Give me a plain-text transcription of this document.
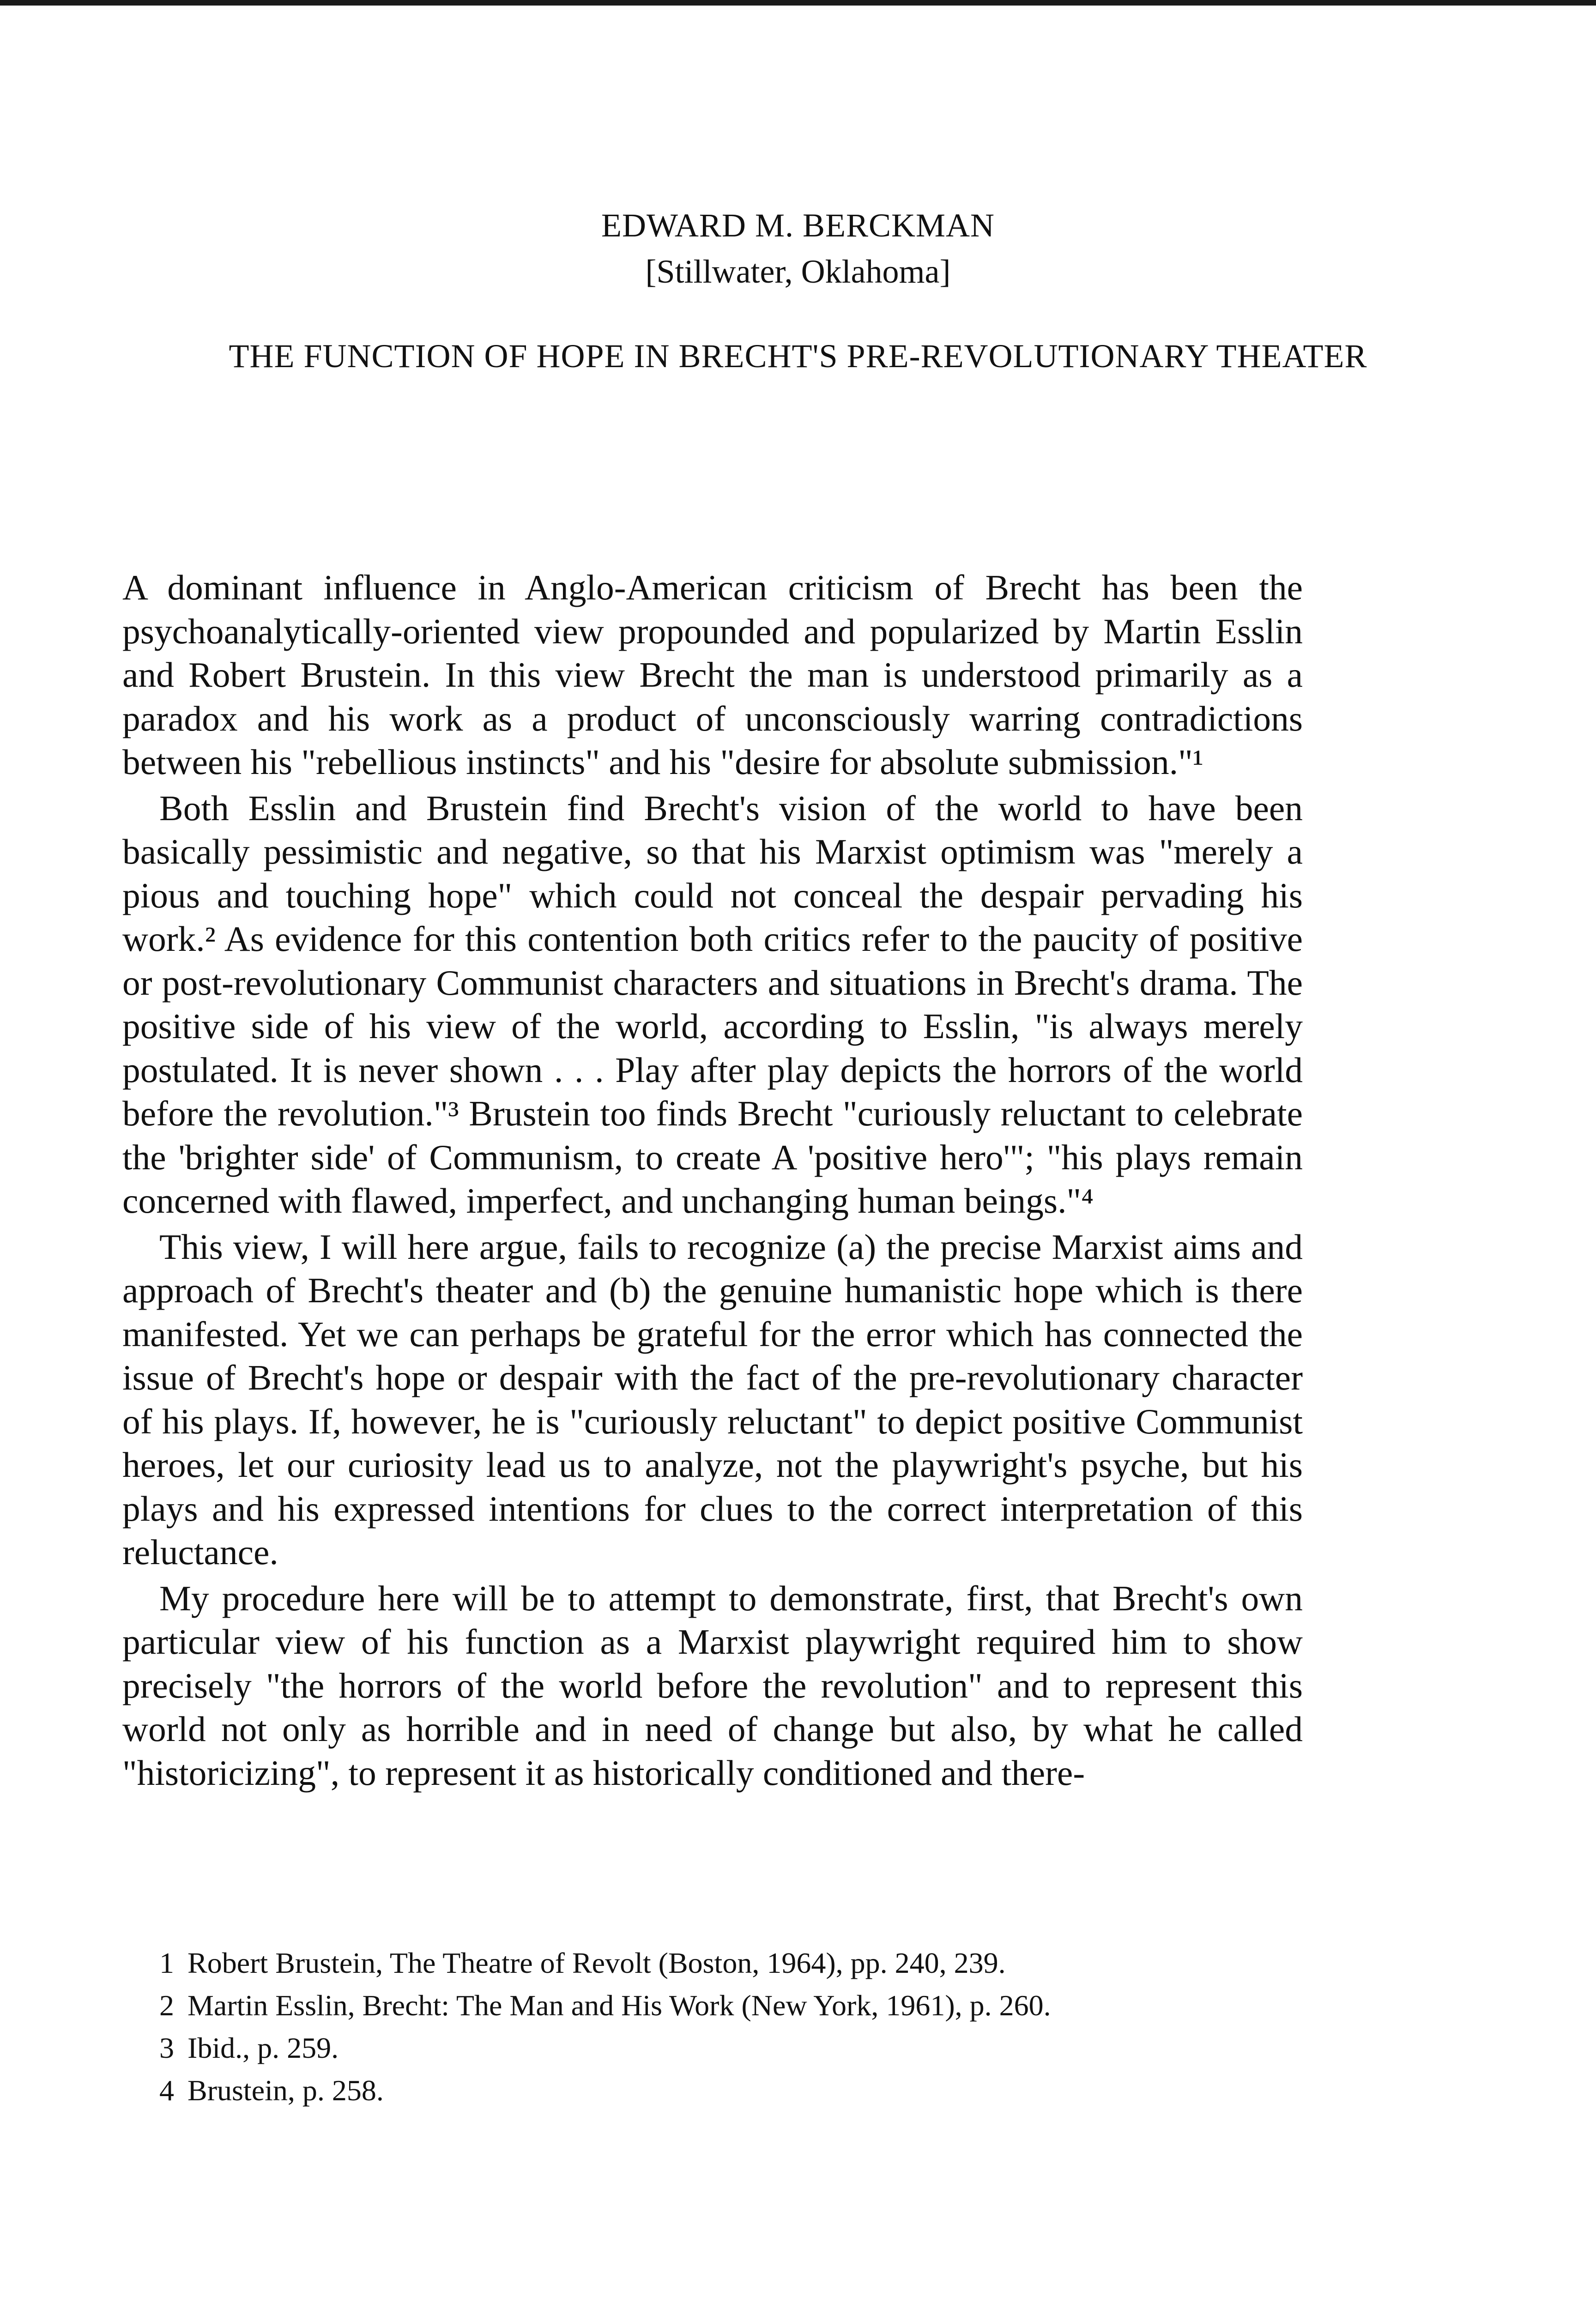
EDWARD M. BERCKMAN
[Stillwater, Oklahoma]
THE FUNCTION OF HOPE IN BRECHT'S PRE-REVOLUTIONARY THEATER

A dominant influence in Anglo-American criticism of Brecht has been the psychoanalytically-oriented view propounded and popularized by Martin Esslin and Robert Brustein. In this view Brecht the man is understood primarily as a paradox and his work as a product of unconsciously warring contradictions between his "rebellious instincts" and his "desire for absolute submission."¹

Both Esslin and Brustein find Brecht's vision of the world to have been basically pessimistic and negative, so that his Marxist optimism was "merely a pious and touching hope" which could not conceal the despair pervading his work.² As evidence for this contention both critics refer to the paucity of positive or post-revolutionary Communist characters and situations in Brecht's drama. The positive side of his view of the world, according to Esslin, "is always merely postulated. It is never shown . . . Play after play depicts the horrors of the world before the revolution."³ Brustein too finds Brecht "curiously reluctant to celebrate the 'brighter side' of Communism, to create A 'positive hero'"; "his plays remain concerned with flawed, imperfect, and unchanging human beings."⁴

This view, I will here argue, fails to recognize (a) the precise Marxist aims and approach of Brecht's theater and (b) the genuine humanistic hope which is there manifested. Yet we can perhaps be grateful for the error which has connected the issue of Brecht's hope or despair with the fact of the pre-revolutionary character of his plays. If, however, he is "curiously reluctant" to depict positive Communist heroes, let our curiosity lead us to analyze, not the playwright's psyche, but his plays and his expressed intentions for clues to the correct interpretation of this reluctance.

My procedure here will be to attempt to demonstrate, first, that Brecht's own particular view of his function as a Marxist playwright required him to show precisely "the horrors of the world before the revolution" and to represent this world not only as horrible and in need of change but also, by what he called "historicizing", to represent it as historically conditioned and there-

1 Robert Brustein, The Theatre of Revolt (Boston, 1964), pp. 240, 239.

2 Martin Esslin, Brecht: The Man and His Work (New York, 1961), p. 260.

3 Ibid., p. 259.

4 Brustein, p. 258.
